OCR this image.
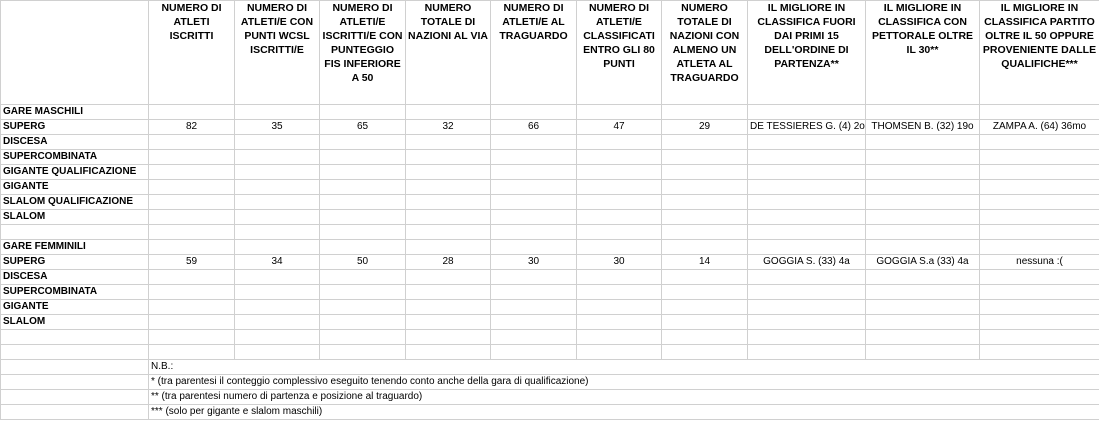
	NUMERO DI ATLETI ISCRITTI	NUMERO DI ATLETI/E CON PUNTI WCSL ISCRITTI/E	NUMERO DI ATLETI/E ISCRITTI/E CON PUNTEGGIO FIS INFERIORE A 50	NUMERO TOTALE DI NAZIONI AL VIA	NUMERO DI ATLETI/E AL TRAGUARDO	NUMERO DI ATLETI/E CLASSIFICATI ENTRO GLI 80 PUNTI	NUMERO TOTALE DI NAZIONI CON ALMENO UN ATLETA AL TRAGUARDO	IL MIGLIORE IN CLASSIFICA FUORI DAI PRIMI 15 DELL'ORDINE DI PARTENZA**	IL MIGLIORE IN CLASSIFICA CON PETTORALE OLTRE IL 30**	IL MIGLIORE IN CLASSIFICA PARTITO OLTRE IL 50 OPPURE PROVENIENTE DALLE QUALIFICHE***
GARE MASCHILI										
SUPERG	82	35	65	32	66	47	29	DE TESSIERES G. (4) 2o	THOMSEN B. (32) 19o	ZAMPA A. (64) 36mo
DISCESA										
SUPERCOMBINATA										
GIGANTE QUALIFICAZIONE										
GIGANTE										
SLALOM QUALIFICAZIONE										
SLALOM										

GARE FEMMINILI										
SUPERG	59	34	50	28	30	30	14	GOGGIA S. (33) 4a	GOGGIA S.a (33) 4a	nessuna :(
DISCESA										
SUPERCOMBINATA										
GIGANTE										
SLALOM										

	N.B.:									
	* (tra parentesi il conteggio complessivo eseguito tenendo conto anche della gara di qualificazione)									
	** (tra parentesi numero di partenza e posizione al traguardo)									
	*** (solo per gigante e slalom maschili)									
